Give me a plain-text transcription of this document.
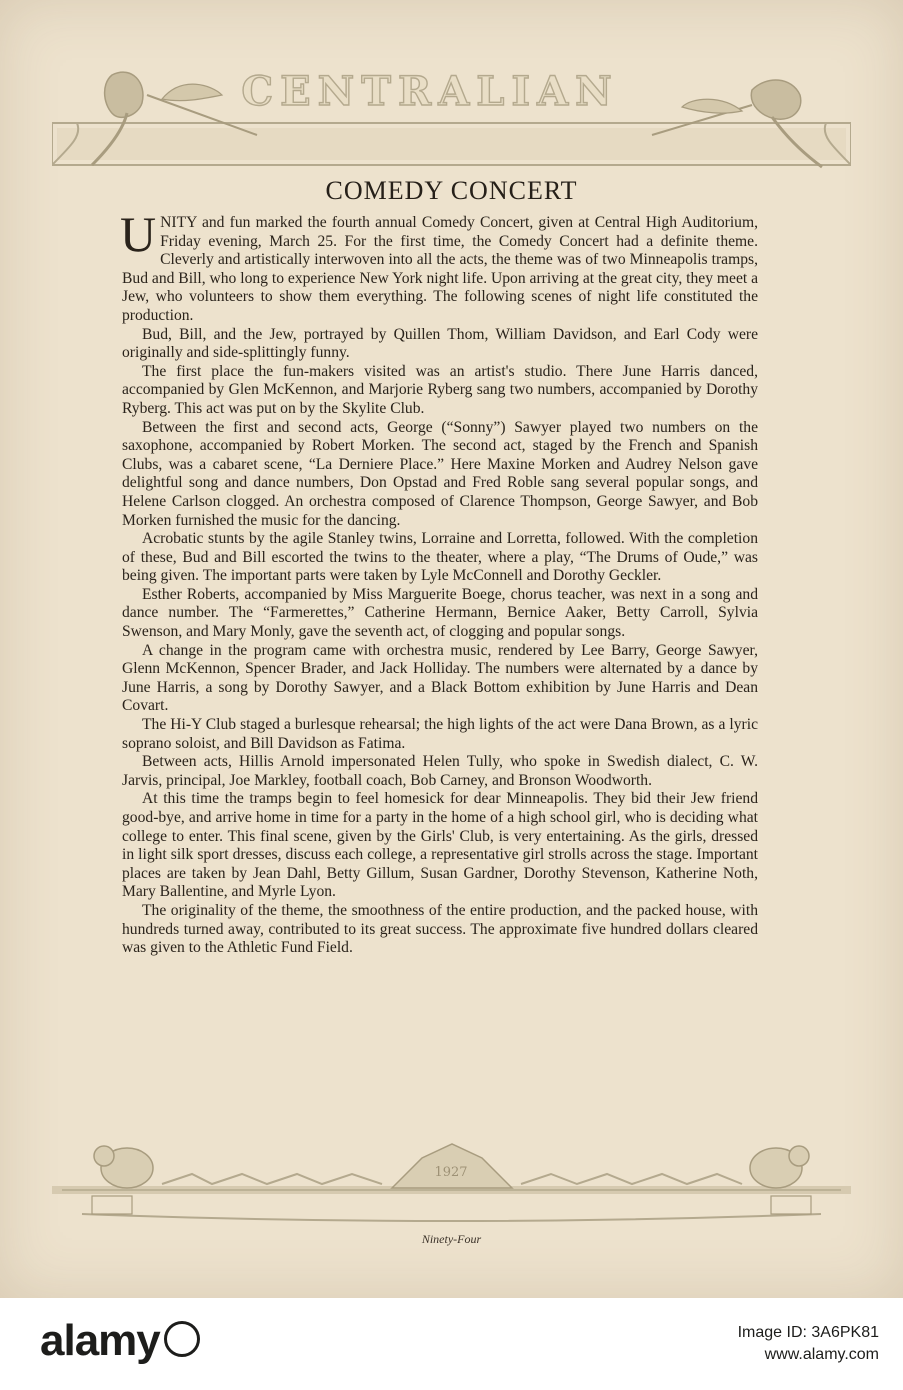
CENTRALIAN
COMEDY CONCERT

UNITY and fun marked the fourth annual Comedy Concert, given at Central High Auditorium, Friday evening, March 25. For the first time, the Comedy Concert had a definite theme. Cleverly and artistically interwoven into all the acts, the theme was of two Minneapolis tramps, Bud and Bill, who long to experience New York night life. Upon arriving at the great city, they meet a Jew, who volunteers to show them everything. The following scenes of night life constituted the production.

Bud, Bill, and the Jew, portrayed by Quillen Thom, William Davidson, and Earl Cody were originally and side-splittingly funny.

The first place the fun-makers visited was an artist's studio. There June Harris danced, accompanied by Glen McKennon, and Marjorie Ryberg sang two numbers, accompanied by Dorothy Ryberg. This act was put on by the Skylite Club.

Between the first and second acts, George (“Sonny”) Sawyer played two numbers on the saxophone, accompanied by Robert Morken. The second act, staged by the French and Spanish Clubs, was a cabaret scene, “La Derniere Place.” Here Maxine Morken and Audrey Nelson gave delightful song and dance numbers, Don Opstad and Fred Roble sang several popular songs, and Helene Carlson clogged. An orchestra composed of Clarence Thompson, George Sawyer, and Bob Morken furnished the music for the dancing.

Acrobatic stunts by the agile Stanley twins, Lorraine and Lorretta, followed. With the completion of these, Bud and Bill escorted the twins to the theater, where a play, “The Drums of Oude,” was being given. The important parts were taken by Lyle McConnell and Dorothy Geckler.

Esther Roberts, accompanied by Miss Marguerite Boege, chorus teacher, was next in a song and dance number. The “Farmerettes,” Catherine Hermann, Bernice Aaker, Betty Carroll, Sylvia Swenson, and Mary Monly, gave the seventh act, of clogging and popular songs.

A change in the program came with orchestra music, rendered by Lee Barry, George Sawyer, Glenn McKennon, Spencer Brader, and Jack Holliday. The numbers were alternated by a dance by June Harris, a song by Dorothy Sawyer, and a Black Bottom exhibition by June Harris and Dean Covart.

The Hi-Y Club staged a burlesque rehearsal; the high lights of the act were Dana Brown, as a lyric soprano soloist, and Bill Davidson as Fatima.

Between acts, Hillis Arnold impersonated Helen Tully, who spoke in Swedish dialect, C. W. Jarvis, principal, Joe Markley, football coach, Bob Carney, and Bronson Woodworth.

At this time the tramps begin to feel homesick for dear Minneapolis. They bid their Jew friend good-bye, and arrive home in time for a party in the home of a high school girl, who is deciding what college to enter. This final scene, given by the Girls' Club, is very entertaining. As the girls, dressed in light silk sport dresses, discuss each college, a representative girl strolls across the stage. Important places are taken by Jean Dahl, Betty Gillum, Susan Gardner, Dorothy Stevenson, Katherine Noth, Mary Ballentine, and Myrle Lyon.

The originality of the theme, the smoothness of the entire production, and the packed house, with hundreds turned away, contributed to its great success. The approximate five hundred dollars cleared was given to the Athletic Fund Field.

1927
Ninety-Four
alamy	Image ID: 3A6PK81
www.alamy.com
